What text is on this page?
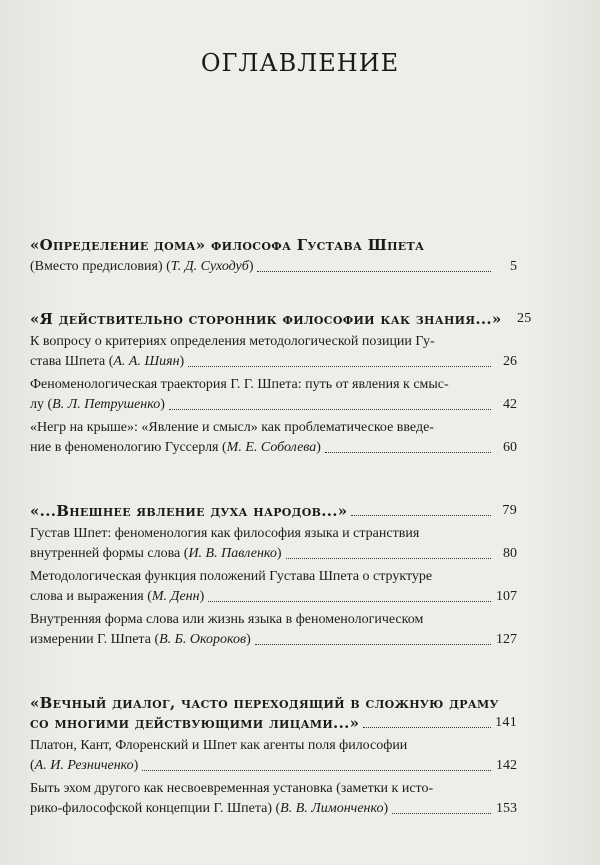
ОГЛАВЛЕНИЕ
«Определение дома» философа Густава Шпета
(Вместо предисловия) (Т. Д. Суходуб)	5
«Я действительно сторонник философии как знания...»	25
К вопросу о критериях определения методологической позиции Гу-
става Шпета (А. А. Шиян)	26
Феноменологическая траектория Г. Г. Шпета: путь от явления к смыс-
лу (В. Л. Петрушенко)	42
«Негр на крыше»: «Явление и смысл» как проблематическое введе-
ние в феноменологию Гуссерля (М. Е. Соболева)	60
«...Внешнее явление духа народов...»	79
Густав Шпет: феноменология как философия языка и странствия
внутренней формы слова (И. В. Павленко)	80
Методологическая функция положений Густава Шпета о структуре
слова и выражения (М. Денн)	107
Внутренняя форма слова или жизнь языка в феноменологическом
измерении Г. Шпета (В. Б. Окороков)	127
«Вечный диалог, часто переходящий в сложную драму
со многими действующими лицами...»	141
Платон, Кант, Флоренский и Шпет как агенты поля философии
(А. И. Резниченко)	142
Быть эхом другого как несвоевременная установка (заметки к исто-
рико-философской концепции Г. Шпета) (В. В. Лимонченко)	153
